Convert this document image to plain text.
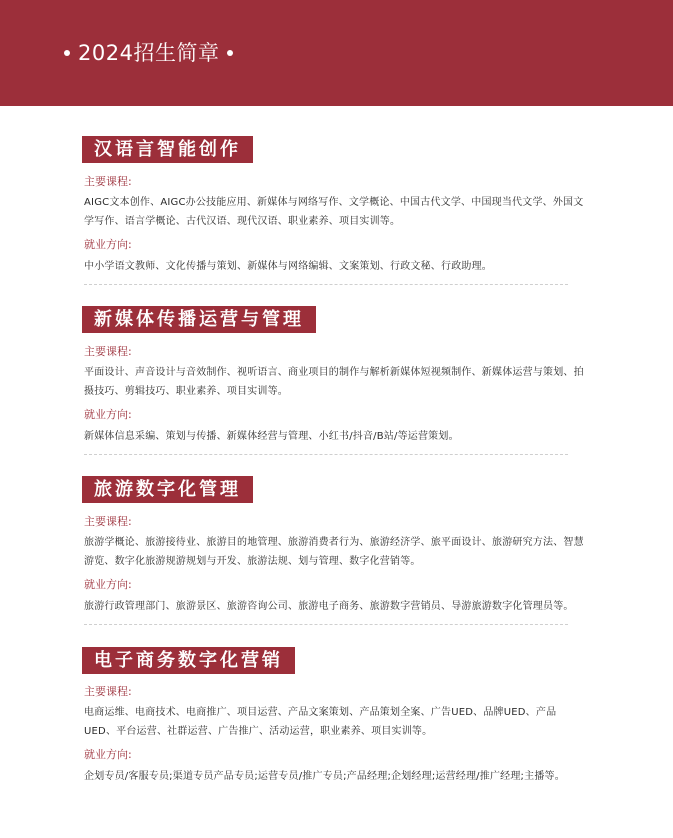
2024招生简章
汉语言智能创作
主要课程:
AIGC文本创作、AIGC办公技能应用、新媒体与网络写作、文学概论、中国古代文学、中国现当代文学、外国文学写作、语言学概论、古代汉语、现代汉语、职业素养、项目实训等。
就业方向:
中小学语文教师、文化传播与策划、新媒体与网络编辑、文案策划、行政文秘、行政助理。
新媒体传播运营与管理
主要课程:
平面设计、声音设计与音效制作、视听语言、商业项目的制作与解析新媒体短视频制作、新媒体运营与策划、拍摄技巧、剪辑技巧、职业素养、项目实训等。
就业方向:
新媒体信息采编、策划与传播、新媒体经营与管理、小红书/抖音/B站/等运营策划。
旅游数字化管理
主要课程:
旅游学概论、旅游接待业、旅游目的地管理、旅游消费者行为、旅游经济学、旅平面设计、旅游研究方法、智慧游览、数字化旅游规游规划与开发、旅游法规、划与管理、数字化营销等。
就业方向:
旅游行政管理部门、旅游景区、旅游咨询公司、旅游电子商务、旅游数字营销员、导游旅游数字化管理员等。
电子商务数字化营销
主要课程:
电商运维、电商技术、电商推广、项目运营、产品文案策划、产品策划全案、广告UED、品牌UED、产品UED、平台运营、社群运营、广告推广、活动运营，职业素养、项目实训等。
就业方向:
企划专员/客服专员;渠道专员产品专员;运营专员/推广专员;产品经理;企划经理;运营经理/推广经理;主播等。
